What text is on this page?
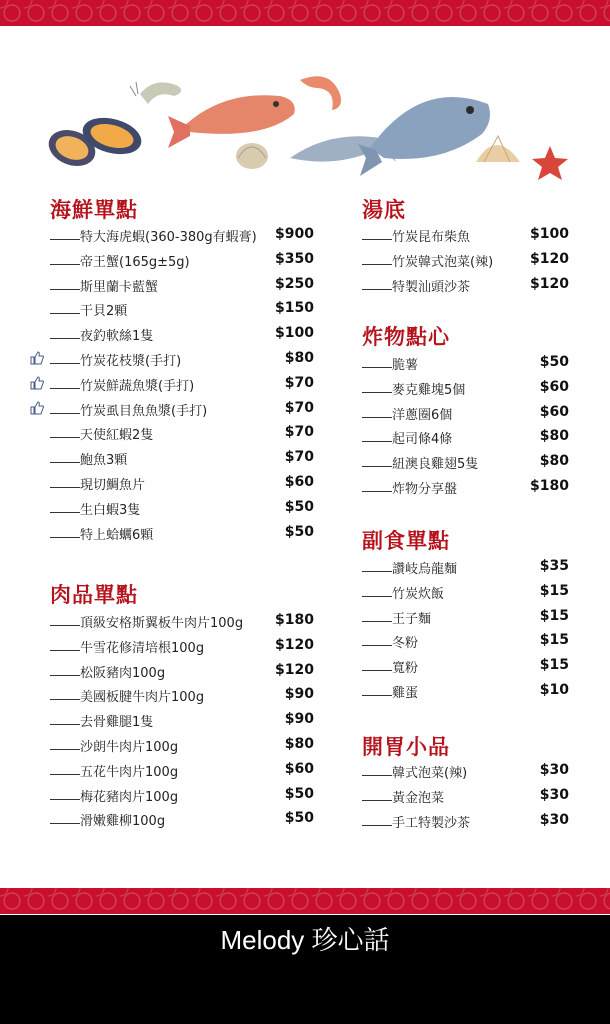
海鮮單點
特大海虎蝦(360-380g有蝦膏) $900
帝王蟹(165g±5g)	$350
斯里蘭卡藍蟹	$250
干貝2顆	$150
夜釣軟絲1隻	$100
竹炭花枝漿(手打)	$80
竹炭鮮蔬魚漿(手打)	$70
竹炭虱目魚魚漿(手打)	$70
天使紅蝦2隻	$70
鮑魚3顆	$70
現切鯛魚片	$60
生白蝦3隻	$50
特上蛤蠣6顆	$50
肉品單點
頂級安格斯翼板牛肉片100g $180
牛雪花修清培根100g	$120
松阪豬肉100g	$120
美國板腱牛肉片100g	$90
去骨雞腿1隻	$90
沙朗牛肉片100g	$80
五花牛肉片100g	$60
梅花豬肉片100g	$50
滑嫩雞柳100g	$50
湯底
竹炭昆布柴魚	$100
竹炭韓式泡菜(辣)	$120
特製汕頭沙茶	$120
炸物點心
脆薯	$50
麥克雞塊5個	$60
洋蔥圈6個	$60
起司條4條	$80
紐澳良雞翅5隻	$80
炸物分享盤	$180
副食單點
讚岐烏龍麵	$35
竹炭炊飯	$15
王子麵	$15
冬粉	$15
寬粉	$15
雞蛋	$10
開胃小品
韓式泡菜(辣)	$30
黃金泡菜	$30
手工特製沙茶	$30

Melody 珍心話
